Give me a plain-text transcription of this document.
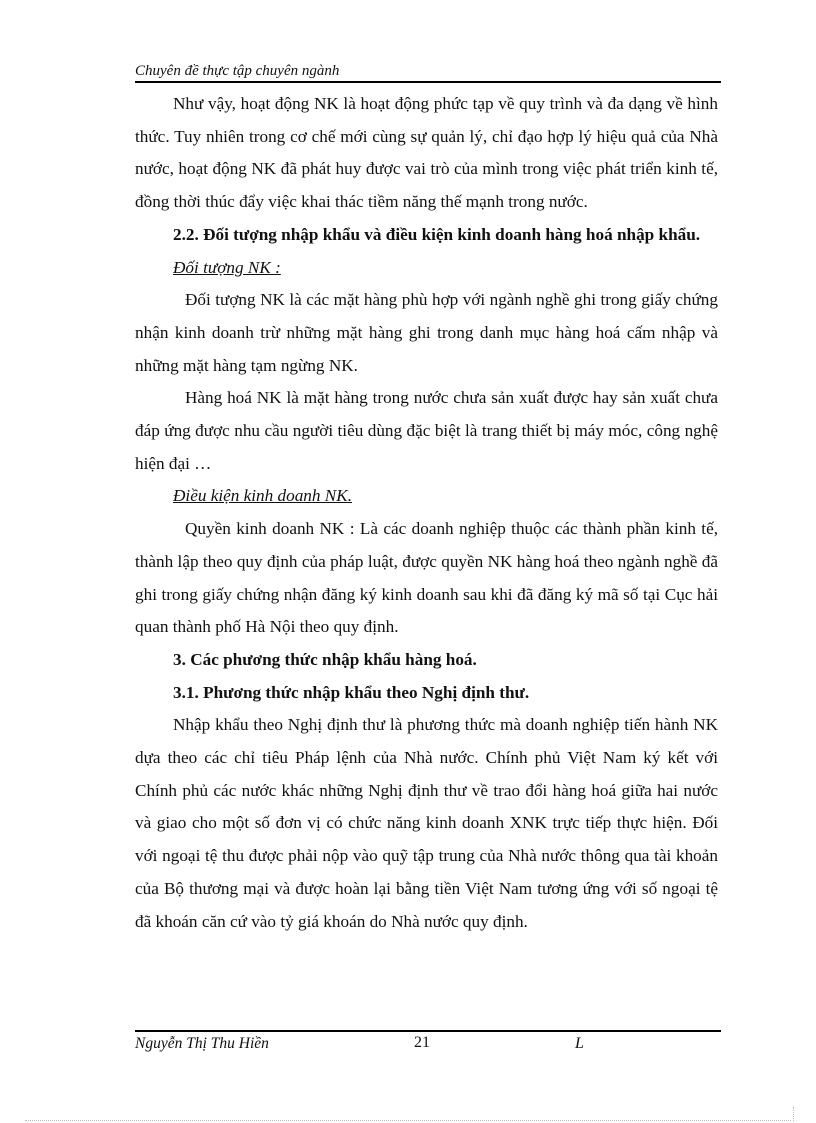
Chuyên đề thực tập chuyên ngành

Như vậy, hoạt động NK là hoạt động phức tạp về quy trình và đa dạng về hình thức. Tuy nhiên trong cơ chế mới cùng sự quản lý, chỉ đạo hợp lý hiệu quả của Nhà nước, hoạt động NK đã phát huy được vai trò của mình trong việc phát triển kinh tế, đồng thời thúc đẩy việc khai thác tiềm năng thế mạnh trong nước.

2.2. Đối tượng nhập khẩu và điều kiện kinh doanh hàng hoá nhập khẩu.

Đối tượng NK :

Đối tượng NK là các mặt hàng phù hợp với ngành nghề ghi trong giấy chứng nhận kinh doanh trừ những mặt hàng ghi trong danh mục hàng hoá cấm nhập và những mặt hàng tạm ngừng NK.

Hàng hoá NK là mặt hàng trong nước chưa sản xuất được hay sản xuất chưa đáp ứng được nhu cầu người tiêu dùng đặc biệt là trang thiết bị máy móc, công nghệ hiện đại …

Điều kiện kinh doanh NK.

Quyền kinh doanh NK : Là các doanh nghiệp thuộc các thành phần kinh tế, thành lập theo quy định của pháp luật, được quyền NK hàng hoá theo ngành nghề đã ghi trong giấy chứng nhận đăng ký kinh doanh sau khi đã đăng ký mã số tại Cục hải quan thành phố Hà Nội theo quy định.

3. Các phương thức nhập khẩu hàng hoá.

3.1. Phương thức nhập khẩu theo Nghị định thư.

Nhập khẩu theo Nghị định thư là phương thức mà doanh nghiệp tiến hành NK dựa theo các chỉ tiêu Pháp lệnh của Nhà nước. Chính phủ Việt Nam ký kết với Chính phủ các nước khác những Nghị định thư về trao đổi hàng hoá giữa hai nước và giao cho một số đơn vị có chức năng kinh doanh XNK trực tiếp thực hiện. Đối với ngoại tệ thu được phải nộp vào quỹ tập trung của Nhà nước thông qua tài khoản của Bộ thương mại và được hoàn lại bằng tiền Việt Nam tương ứng với số ngoại tệ đã khoán căn cứ vào tỷ giá khoán do Nhà nước quy định.

Nguyễn Thị Thu Hiền	21	L
